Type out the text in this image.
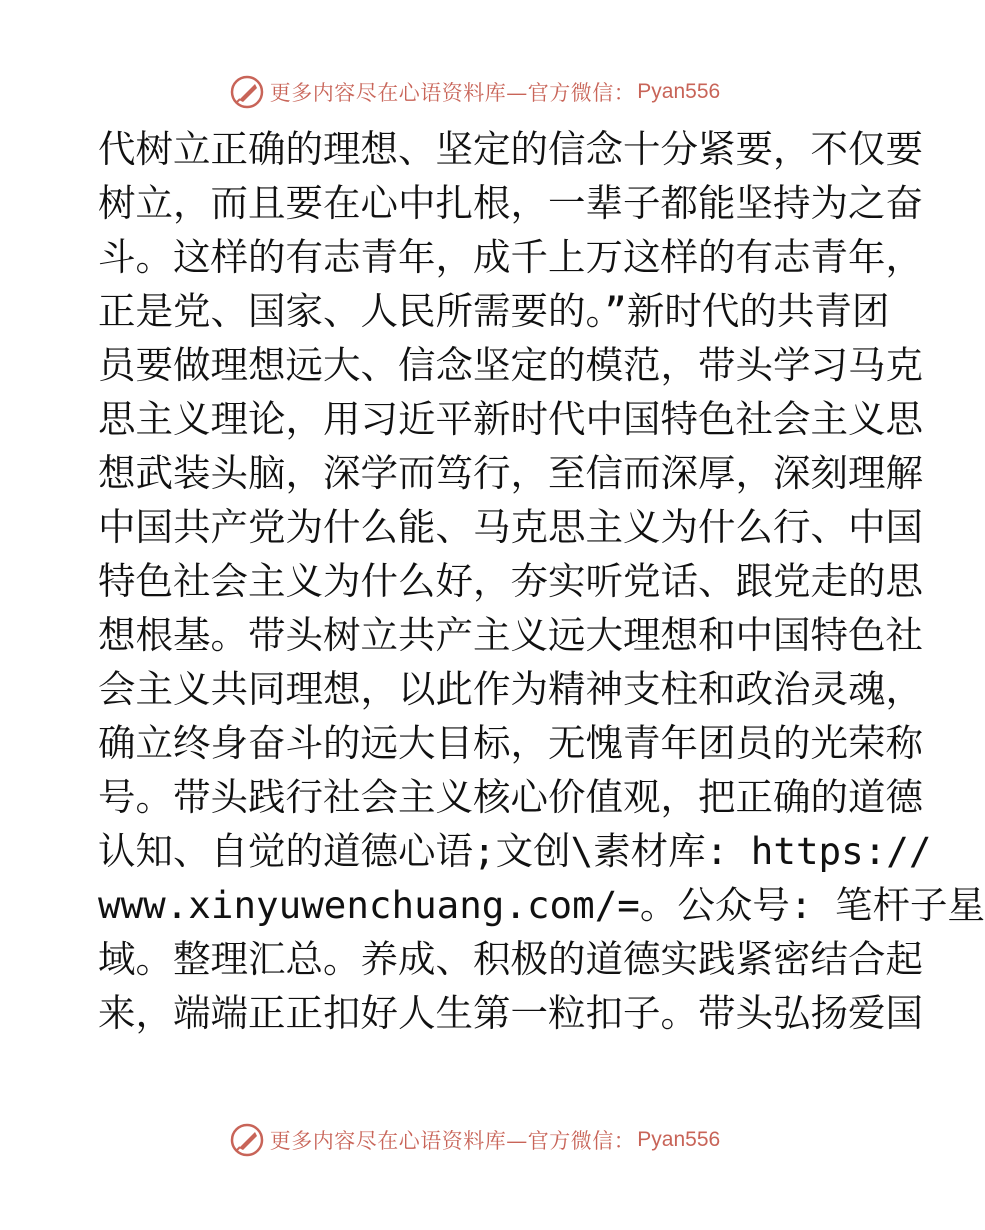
更多内容尽在心语资料库—官方微信： Pyan556
代树立正确的理想、坚定的信念十分紧要，不仅要
树立，而且要在心中扎根，一辈子都能坚持为之奋
斗。这样的有志青年，成千上万这样的有志青年，
正是党、国家、人民所需要的。”新时代的共青团
员要做理想远大、信念坚定的模范，带头学习马克
思主义理论，用习近平新时代中国特色社会主义思
想武装头脑，深学而笃行，至信而深厚，深刻理解
中国共产党为什么能、马克思主义为什么行、中国
特色社会主义为什么好，夯实听党话、跟党走的思
想根基。带头树立共产主义远大理想和中国特色社
会主义共同理想，以此作为精神支柱和政治灵魂，
确立终身奋斗的远大目标，无愧青年团员的光荣称
号。带头践行社会主义核心价值观，把正确的道德
认知、自觉的道德心语;文创\素材库: https://
www.xinyuwenchuang.com/=。公众号: 笔杆子星
域。整理汇总。养成、积极的道德实践紧密结合起
来，端端正正扣好人生第一粒扣子。带头弘扬爱国
更多内容尽在心语资料库—官方微信： Pyan556
